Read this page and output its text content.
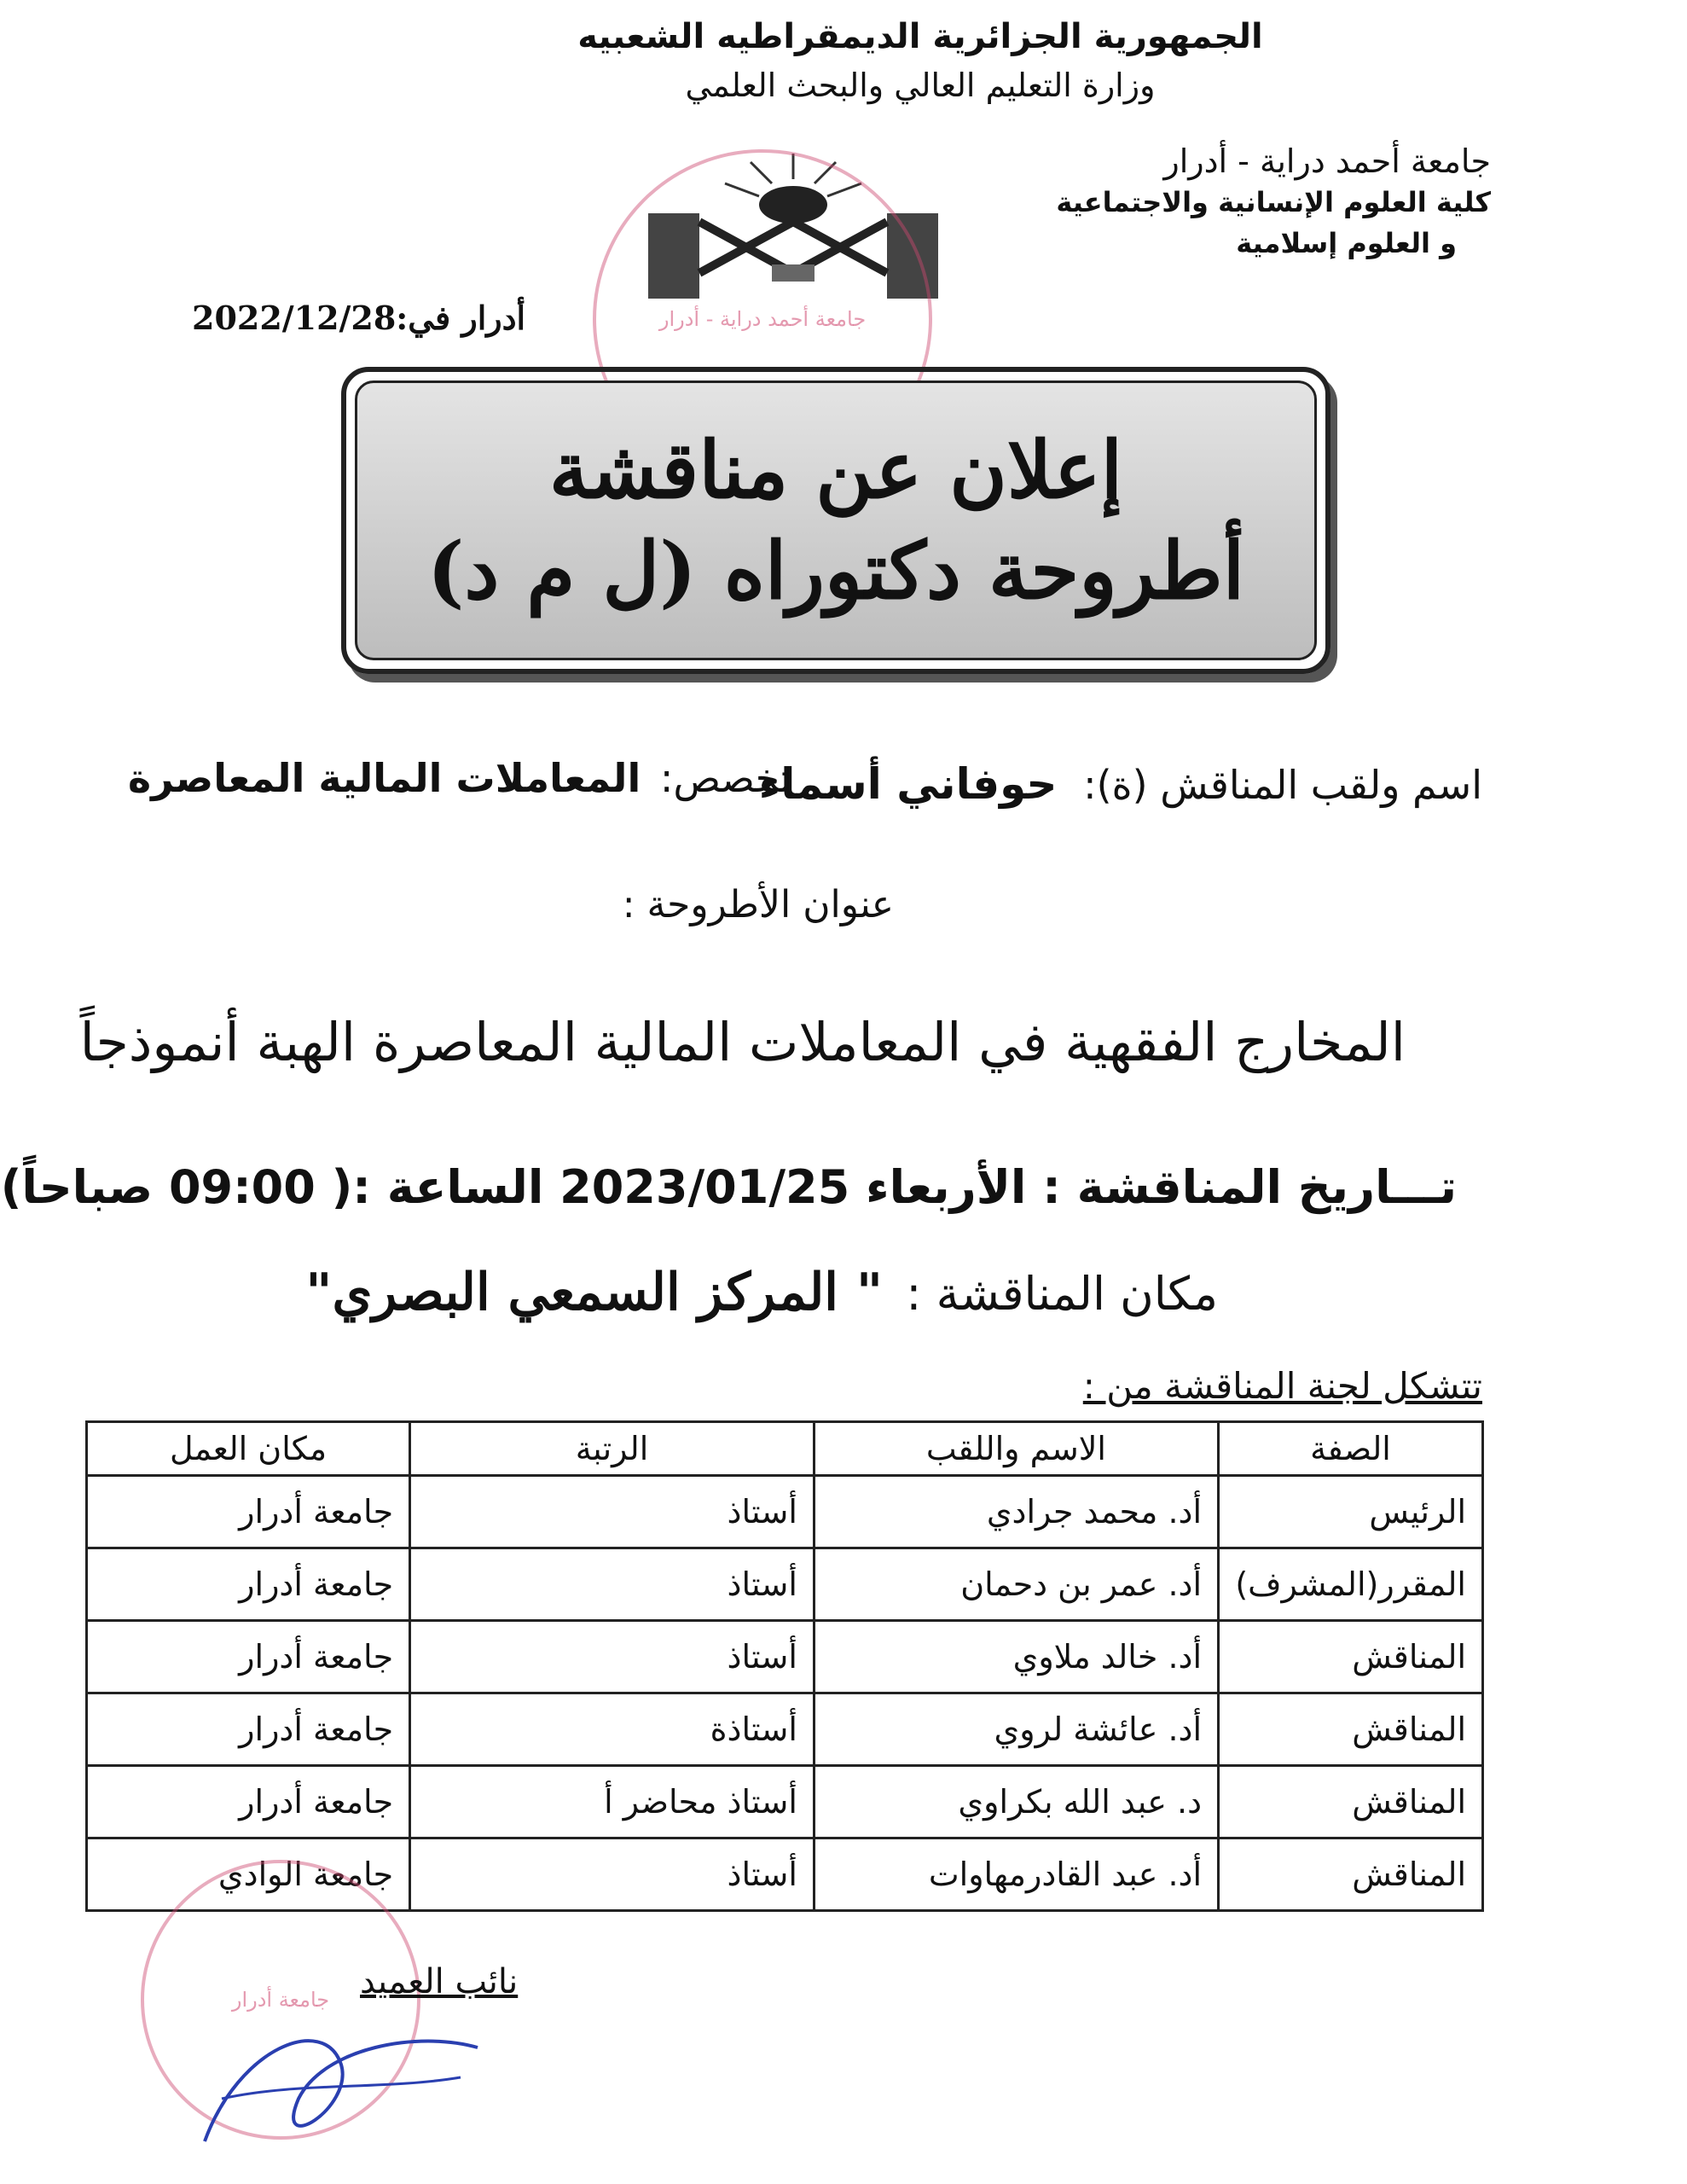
الجمهورية الجزائرية الديمقراطيه الشعبيه
وزارة التعليم العالي والبحث العلمي
جامعة أحمد دراية - أدرار
كلية العلوم الإنسانية والاجتماعية
و العلوم إسلامية
جامعة أحمد دراية - أدرار
أدرار في:2022/12/28
إعلان عن مناقشة
أطروحة دكتوراه (ل م د)
اسم ولقب المناقش (ة): حوفاني أسماء
تخصص: المعاملات المالية المعاصرة
عنوان الأطروحة :
المخارج الفقهية في المعاملات المالية المعاصرة الهبة أنموذجاً
تـــاريخ المناقشة : الأربعاء 2023/01/25 الساعة :( 09:00 صباحاً)
مكان المناقشة : " المركز السمعي البصري"
تتشكل لجنة المناقشة من :
الصفة	الاسم واللقب	الرتبة	مكان العمل
الرئيس	أد. محمد جرادي	أستاذ	جامعة أدرار
المقرر(المشرف)	أد. عمر بن دحمان	أستاذ	جامعة أدرار
المناقش	أد. خالد ملاوي	أستاذ	جامعة أدرار
المناقش	أد. عائشة لروي	أستاذة	جامعة أدرار
المناقش	د. عبد الله بكراوي	أستاذ محاضر أ	جامعة أدرار
المناقش	أد. عبد القادرمهاوات	أستاذ	جامعة الوادي
جامعة أدرار نائب العميد
